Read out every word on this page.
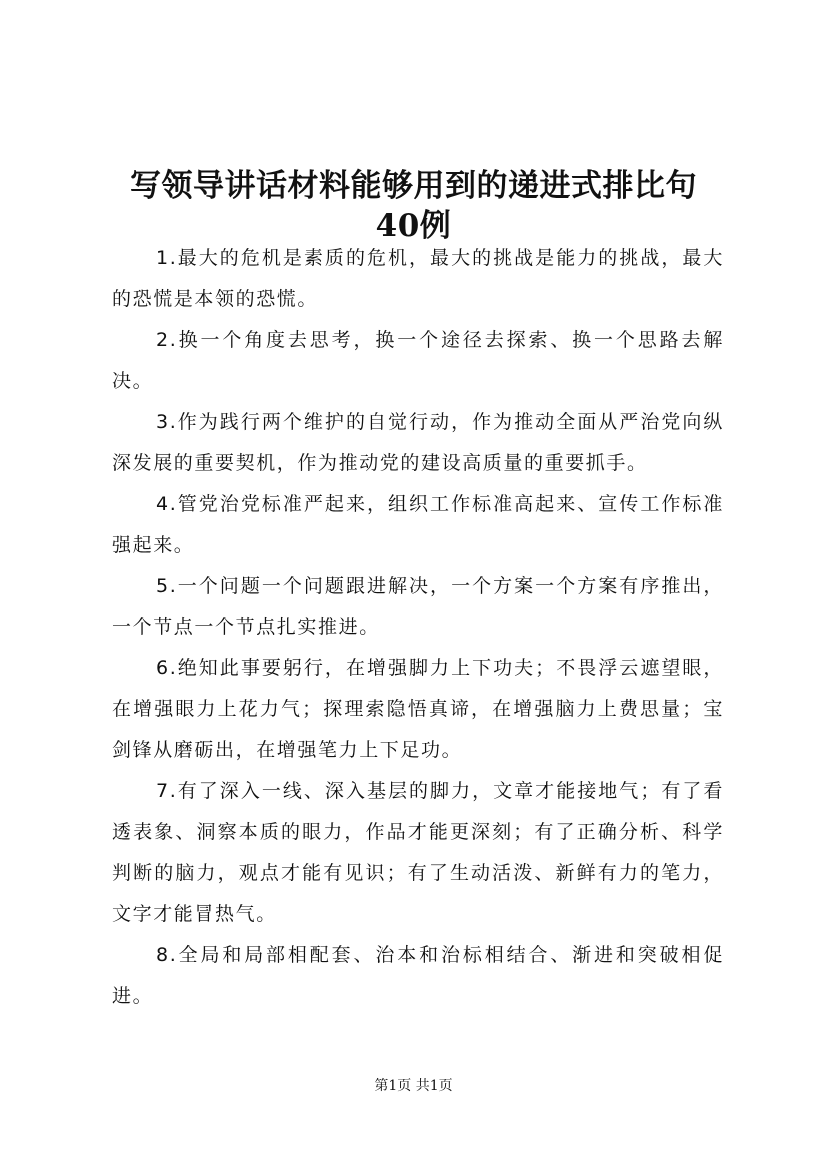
写领导讲话材料能够用到的递进式排比句40例

1.最大的危机是素质的危机，最大的挑战是能力的挑战，最大的恐慌是本领的恐慌。

2.换一个角度去思考，换一个途径去探索、换一个思路去解决。

3.作为践行两个维护的自觉行动，作为推动全面从严治党向纵深发展的重要契机，作为推动党的建设高质量的重要抓手。

4.管党治党标准严起来，组织工作标准高起来、宣传工作标准强起来。

5.一个问题一个问题跟进解决，一个方案一个方案有序推出，一个节点一个节点扎实推进。

6.绝知此事要躬行，在增强脚力上下功夫；不畏浮云遮望眼，在增强眼力上花力气；探理索隐悟真谛，在增强脑力上费思量；宝剑锋从磨砺出，在增强笔力上下足功。

7.有了深入一线、深入基层的脚力，文章才能接地气；有了看透表象、洞察本质的眼力，作品才能更深刻；有了正确分析、科学判断的脑力，观点才能有见识；有了生动活泼、新鲜有力的笔力，文字才能冒热气。

8.全局和局部相配套、治本和治标相结合、渐进和突破相促进。

第1页 共1页
